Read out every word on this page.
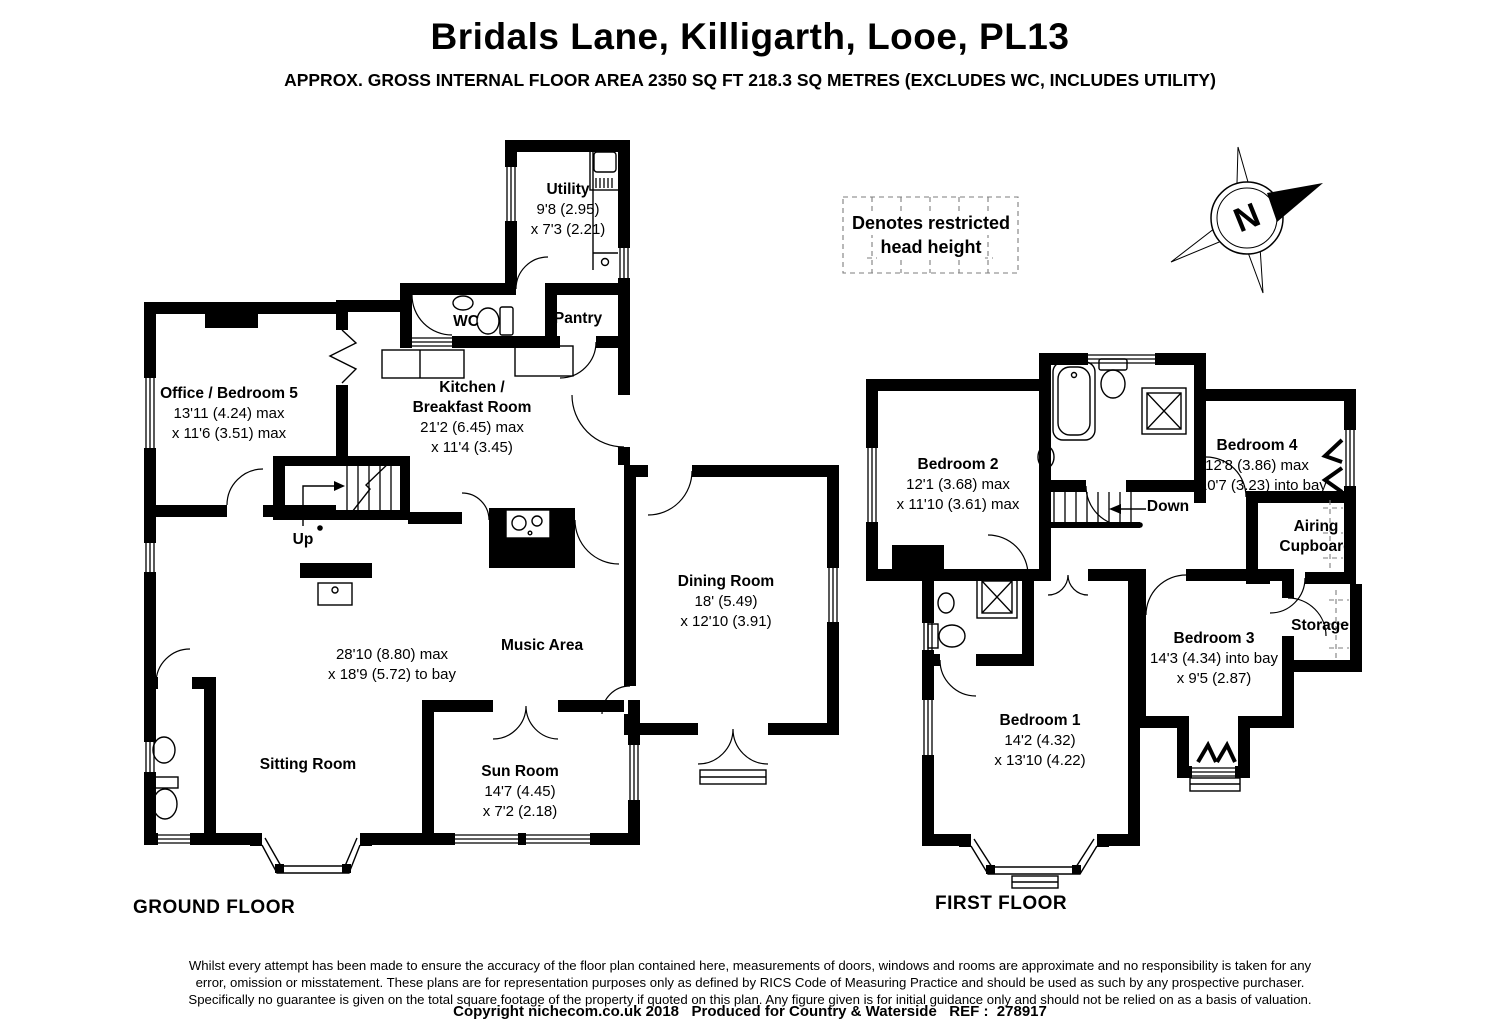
Bridals Lane, Killigarth, Looe, PL13
APPROX. GROSS INTERNAL FLOOR AREA 2350 SQ FT 218.3 SQ METRES (EXCLUDES WC, INCLUDES UTILITY)
N
Denotes restricted
head height
Utility
9'8 (2.95)
x 7'3 (2.21)
WC	Pantry
Kitchen /
Breakfast Room
21'2 (6.45) max
x 11'4 (3.45)
Office / Bedroom 5
13'11 (4.24) max
x 11'6 (3.51) max
Up
28'10 (8.80) max
x 18'9 (5.72) to bay
Music Area
Sitting Room	Sun Room
14'7 (4.45)
x 7'2 (2.18)
Dining Room
18' (5.49)
x 12'10 (3.91)
Bedroom 2
12'1 (3.68) max
x 11'10 (3.61) max
Bedroom 4
12'8 (3.86) max
x 10'7 (3.23) into bay
Down
Airing
Cupboard
Storage
Bedroom 3
14'3 (4.34) into bay
x 9'5 (2.87)
Bedroom 1
14'2 (4.32)
x 13'10 (4.22)
GROUND FLOOR	FIRST FLOOR
Whilst every attempt has been made to ensure the accuracy of the floor plan contained here, measurements of doors, windows and rooms are approximate and no responsibility is taken for any
error, omission or misstatement. These plans are for representation purposes only as defined by RICS Code of Measuring Practice and should be used as such by any prospective purchaser.
Specifically no guarantee is given on the total square footage of the property if quoted on this plan. Any figure given is for initial guidance only and should not be relied on as a basis of valuation.
Copyright nichecom.co.uk 2018   Produced for Country & Waterside   REF :  278917
